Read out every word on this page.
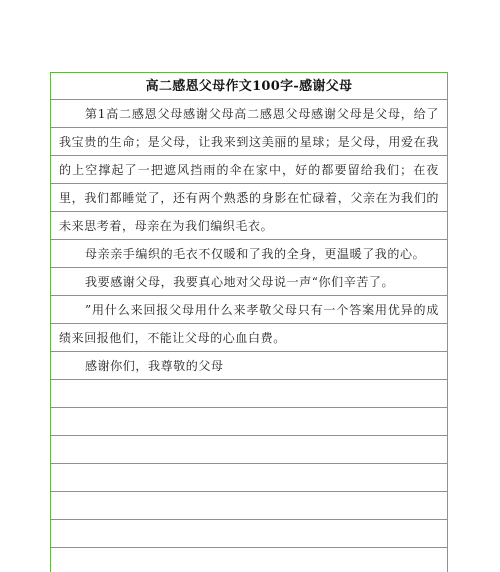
高二感恩父母作文100字-感谢父母

第1高二感恩父母感谢父母高二感恩父母感谢父母是父母，给了我宝贵的生命；是父母，让我来到这美丽的星球；是父母，用爱在我的上空撑起了一把遮风挡雨的伞在家中，好的都要留给我们；在夜里，我们都睡觉了，还有两个熟悉的身影在忙碌着，父亲在为我们的未来思考着，母亲在为我们编织毛衣。

母亲亲手编织的毛衣不仅暖和了我的全身，更温暖了我的心。

我要感谢父母，我要真心地对父母说一声“你们辛苦了。

”用什么来回报父母用什么来孝敬父母只有一个答案用优异的成绩来回报他们，不能让父母的心血白费。

感谢你们，我尊敬的父母
